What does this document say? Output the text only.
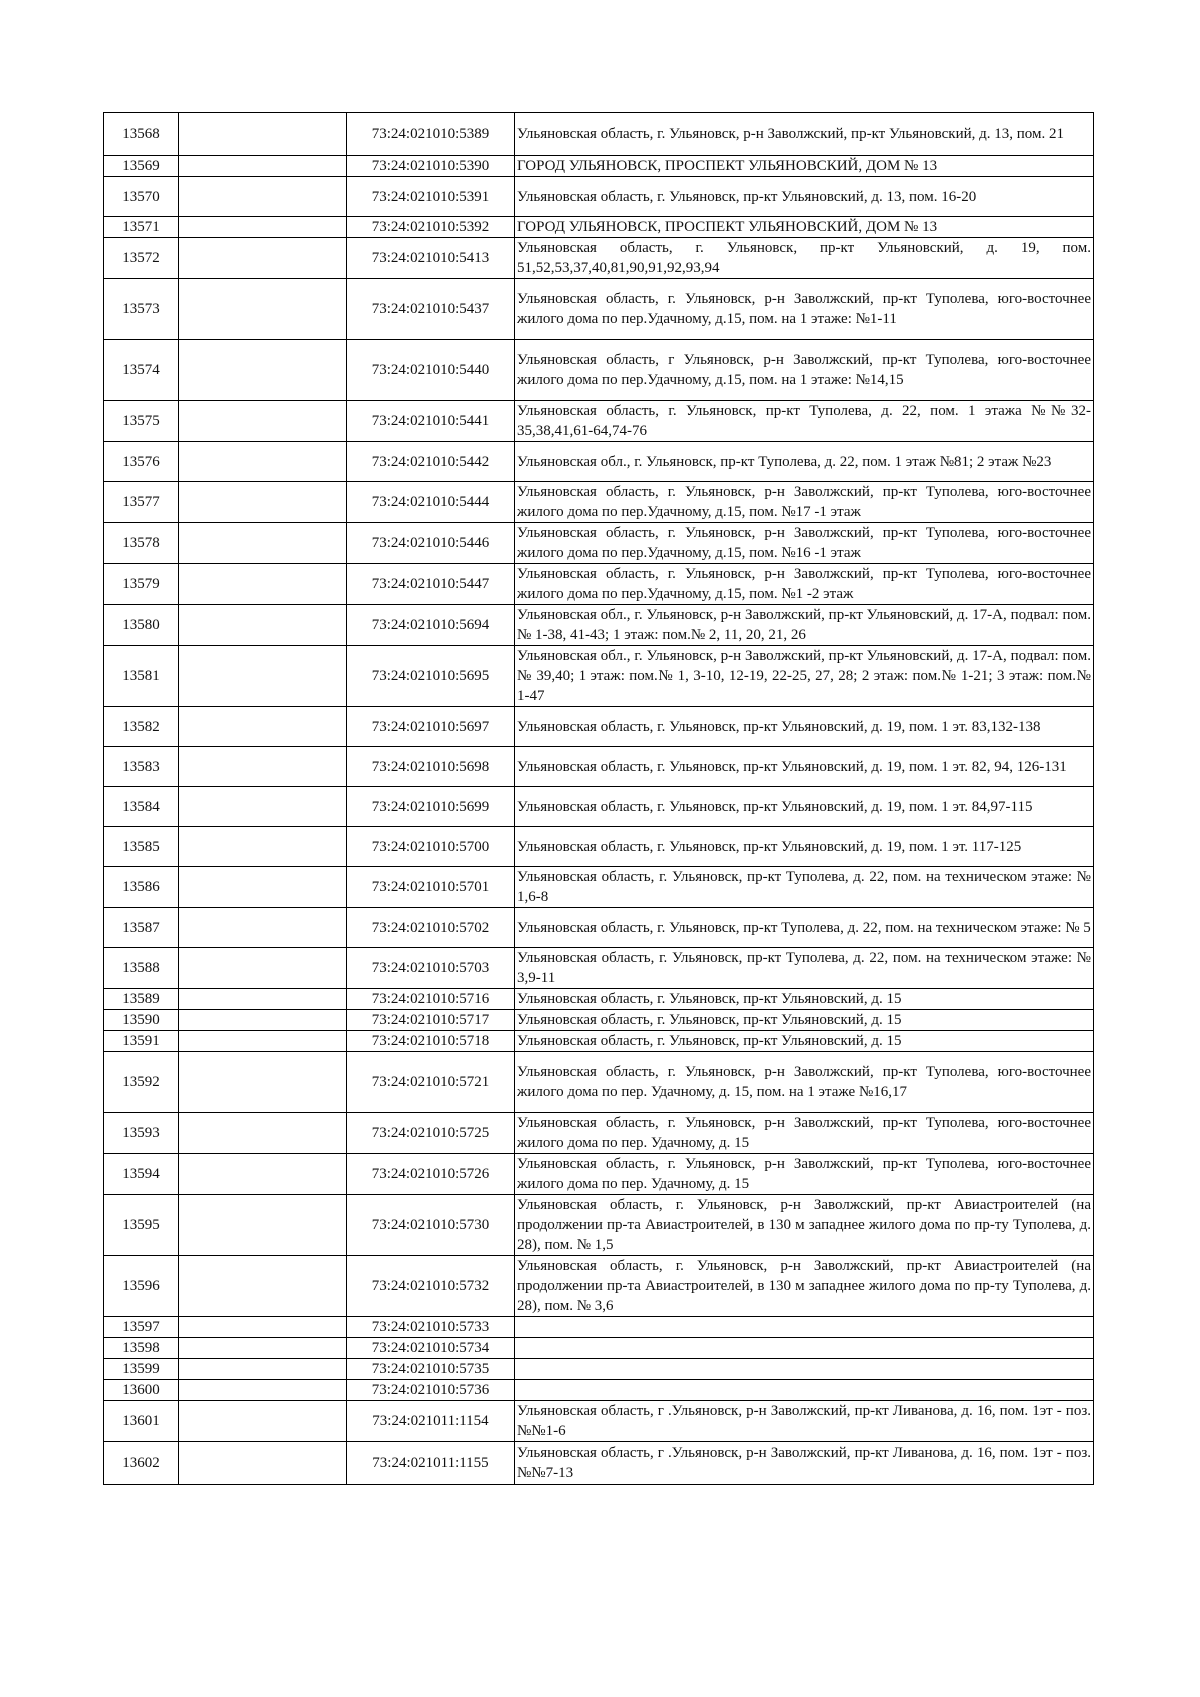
13568		73:24:021010:5389	Ульяновская область, г. Ульяновск, р-н Заволжский, пр-кт Ульяновский, д. 13, пом. 21
13569		73:24:021010:5390	ГОРОД УЛЬЯНОВСК, ПРОСПЕКТ УЛЬЯНОВСКИЙ, ДОМ № 13
13570		73:24:021010:5391	Ульяновская область, г. Ульяновск, пр-кт Ульяновский, д. 13, пом. 16-20
13571		73:24:021010:5392	ГОРОД УЛЬЯНОВСК, ПРОСПЕКТ УЛЬЯНОВСКИЙ, ДОМ № 13
13572		73:24:021010:5413	Ульяновская область, г. Ульяновск, пр-кт Ульяновский, д. 19, пом. 51,52,53,37,40,81,90,91,92,93,94
13573		73:24:021010:5437	Ульяновская область, г. Ульяновск, р-н Заволжский, пр-кт Туполева, юго-восточнее жилого дома по пер.Удачному, д.15, пом. на 1 этаже: №1-11
13574		73:24:021010:5440	Ульяновская область, г Ульяновск, р-н Заволжский, пр-кт Туполева, юго-восточнее жилого дома по пер.Удачному, д.15, пом. на 1 этаже: №14,15
13575		73:24:021010:5441	Ульяновская область, г. Ульяновск, пр-кт Туполева, д. 22, пом. 1 этажа №№32-35,38,41,61-64,74-76
13576		73:24:021010:5442	Ульяновская обл., г. Ульяновск, пр-кт Туполева, д. 22, пом. 1 этаж №81; 2 этаж №23
13577		73:24:021010:5444	Ульяновская область, г. Ульяновск, р-н Заволжский, пр-кт Туполева, юго-восточнее жилого дома по пер.Удачному, д.15, пом. №17 -1 этаж
13578		73:24:021010:5446	Ульяновская область, г. Ульяновск, р-н Заволжский, пр-кт Туполева, юго-восточнее жилого дома по пер.Удачному, д.15, пом. №16 -1 этаж
13579		73:24:021010:5447	Ульяновская область, г. Ульяновск, р-н Заволжский, пр-кт Туполева, юго-восточнее жилого дома по пер.Удачному, д.15, пом. №1 -2 этаж
13580		73:24:021010:5694	Ульяновская обл., г. Ульяновск, р-н Заволжский, пр-кт Ульяновский, д. 17-А, подвал: пом.№ 1-38, 41-43; 1 этаж: пом.№ 2, 11, 20, 21, 26
13581		73:24:021010:5695	Ульяновская обл., г. Ульяновск, р-н Заволжский, пр-кт Ульяновский, д. 17-А, подвал: пом.№ 39,40; 1 этаж: пом.№ 1, 3-10, 12-19, 22-25, 27, 28; 2 этаж: пом.№ 1-21; 3 этаж: пом.№ 1-47
13582		73:24:021010:5697	Ульяновская область, г. Ульяновск, пр-кт Ульяновский, д. 19, пом. 1 эт. 83,132-138
13583		73:24:021010:5698	Ульяновская область, г. Ульяновск, пр-кт Ульяновский, д. 19, пом. 1 эт. 82, 94, 126-131
13584		73:24:021010:5699	Ульяновская область, г. Ульяновск, пр-кт Ульяновский, д. 19, пом. 1 эт. 84,97-115
13585		73:24:021010:5700	Ульяновская область, г. Ульяновск, пр-кт Ульяновский, д. 19, пом. 1 эт. 117-125
13586		73:24:021010:5701	Ульяновская область, г. Ульяновск, пр-кт Туполева, д. 22, пом. на техническом этаже: № 1,6-8
13587		73:24:021010:5702	Ульяновская область, г. Ульяновск, пр-кт Туполева, д. 22, пом. на техническом этаже: № 5
13588		73:24:021010:5703	Ульяновская область, г. Ульяновск, пр-кт Туполева, д. 22, пом. на техническом этаже: № 3,9-11
13589		73:24:021010:5716	Ульяновская область, г. Ульяновск, пр-кт Ульяновский, д. 15
13590		73:24:021010:5717	Ульяновская область, г. Ульяновск, пр-кт Ульяновский, д. 15
13591		73:24:021010:5718	Ульяновская область, г. Ульяновск, пр-кт Ульяновский, д. 15
13592		73:24:021010:5721	Ульяновская область, г. Ульяновск, р-н Заволжский, пр-кт Туполева, юго-восточнее жилого дома по пер. Удачному, д. 15, пом. на 1 этаже №16,17
13593		73:24:021010:5725	Ульяновская область, г. Ульяновск, р-н Заволжский, пр-кт Туполева, юго-восточнее жилого дома по пер. Удачному, д. 15
13594		73:24:021010:5726	Ульяновская область, г. Ульяновск, р-н Заволжский, пр-кт Туполева, юго-восточнее жилого дома по пер. Удачному, д. 15
13595		73:24:021010:5730	Ульяновская область, г. Ульяновск, р-н Заволжский, пр-кт Авиастроителей (на продолжении пр-та Авиастроителей, в 130 м западнее жилого дома по пр-ту Туполева, д. 28), пом. № 1,5
13596		73:24:021010:5732	Ульяновская область, г. Ульяновск, р-н Заволжский, пр-кт Авиастроителей (на продолжении пр-та Авиастроителей, в 130 м западнее жилого дома по пр-ту Туполева, д. 28), пом. № 3,6
13597		73:24:021010:5733	
13598		73:24:021010:5734	
13599		73:24:021010:5735	
13600		73:24:021010:5736	
13601		73:24:021011:1154	Ульяновская область, г .Ульяновск, р-н Заволжский, пр-кт Ливанова, д. 16, пом. 1эт - поз.№№1-6
13602		73:24:021011:1155	Ульяновская область, г .Ульяновск, р-н Заволжский, пр-кт Ливанова, д. 16, пом. 1эт - поз.№№7-13
